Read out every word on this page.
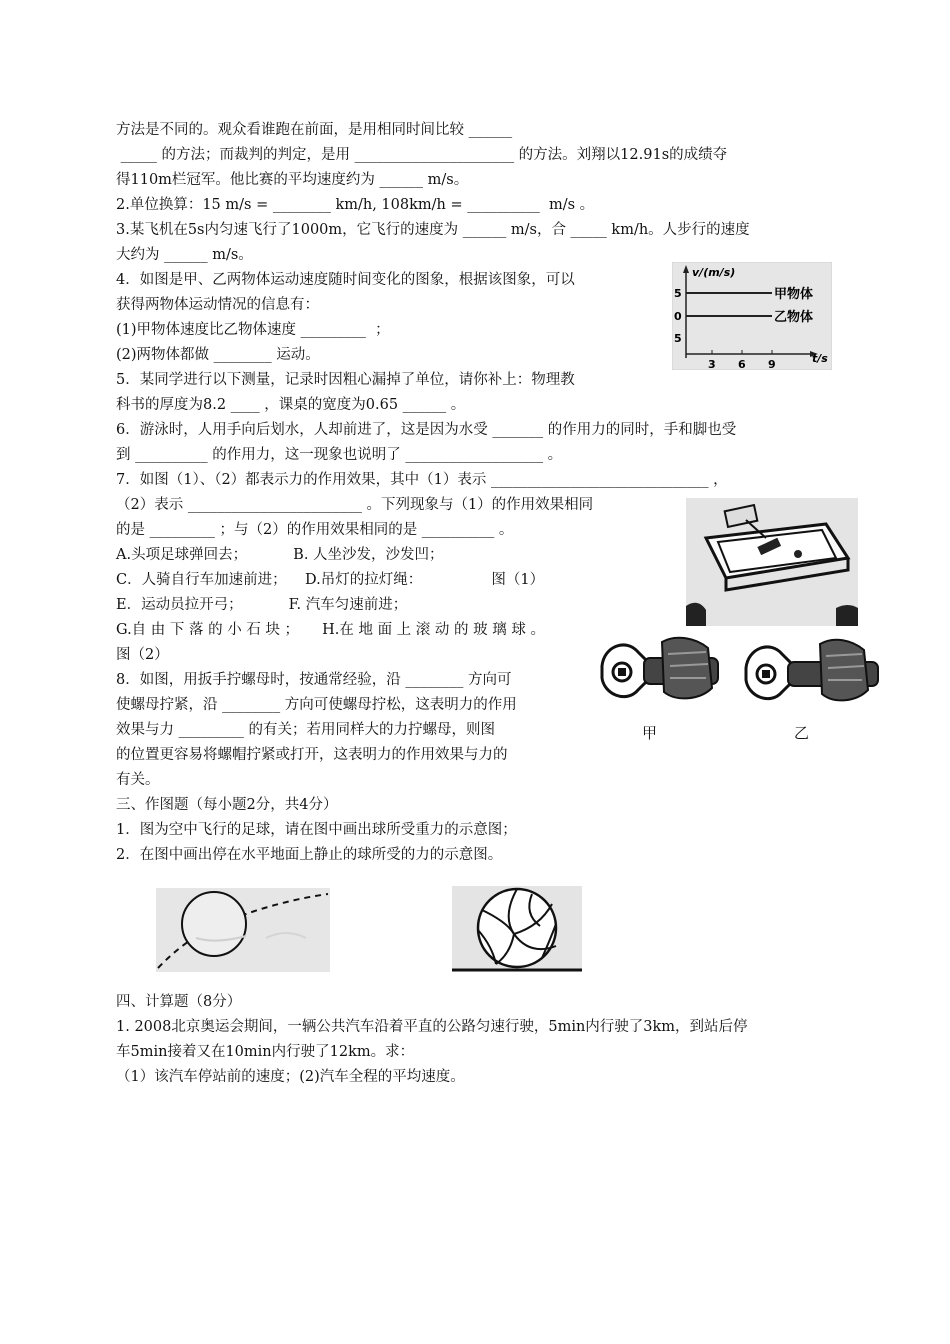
方法是不同的。观众看谁跑在前面，是用相同时间比较 ______
_____ 的方法；而裁判的判定，是用 ______________________ 的方法。刘翔以12.91s的成绩夺
得110m栏冠军。他比赛的平均速度约为 ______ m/s。
2.单位换算：15 m/s = ________ km/h, 108km/h = __________  m/s 。
3.某飞机在5s内匀速飞行了1000m，它飞行的速度为 ______ m/s，合 _____ km/h。人步行的速度
大约为 ______ m/s。
4．如图是甲、乙两物体运动速度随时间变化的图象，根据该图象，可以
获得两物体运动情况的信息有：
(1)甲物体速度比乙物体速度 _________  ；
(2)两物体都做 ________ 运动。
5．某同学进行以下测量，记录时因粗心漏掉了单位，请你补上：物理教
科书的厚度为8.2 ____ ，课桌的宽度为0.65 ______ 。
6．游泳时，人用手向后划水，人却前进了，这是因为水受 _______ 的作用力的同时，手和脚也受
到 __________ 的作用力，这一现象也说明了 ___________________ 。
7．如图（1）、（2）都表示力的作用效果，其中（1）表示 ______________________________ ，
（2）表示 ________________________ 。下列现象与（1）的作用效果相同
的是 _________ ；与（2）的作用效果相同的是 __________ 。
A.头项足球弹回去；          B. 人坐沙发，沙发凹；
C．人骑自行车加速前进；    D.吊灯的拉灯绳：               图（1）
E．运动员拉开弓；          F. 汽车匀速前进；
G.自 由 下 落 的 小 石 块 ；     H.在 地 面 上 滚 动 的 玻 璃 球 。
图（2）
8．如图，用扳手拧螺母时，按通常经验，沿 ________ 方向可
使螺母拧紧，沿 ________ 方向可使螺母拧松，这表明力的作用
效果与力 _________ 的有关；若用同样大的力拧螺母，则图
的位置更容易将螺帽拧紧或打开，这表明力的作用效果与力的
有关。
三、作图题（每小题2分，共4分）
1．图为空中飞行的足球，请在图中画出球所受重力的示意图；
2．在图中画出停在水平地面上静止的球所受的力的示意图。
四、计算题（8分）
1. 2008北京奥运会期间，一辆公共汽车沿着平直的公路匀速行驶，5min内行驶了3km，到站后停
车5min接着又在10min内行驶了12km。求：
（1）该汽车停站前的速度；(2)汽车全程的平均速度。
v/(m/s)
5
0
5
3 6 9	t/s
甲物体
乙物体
甲	乙
